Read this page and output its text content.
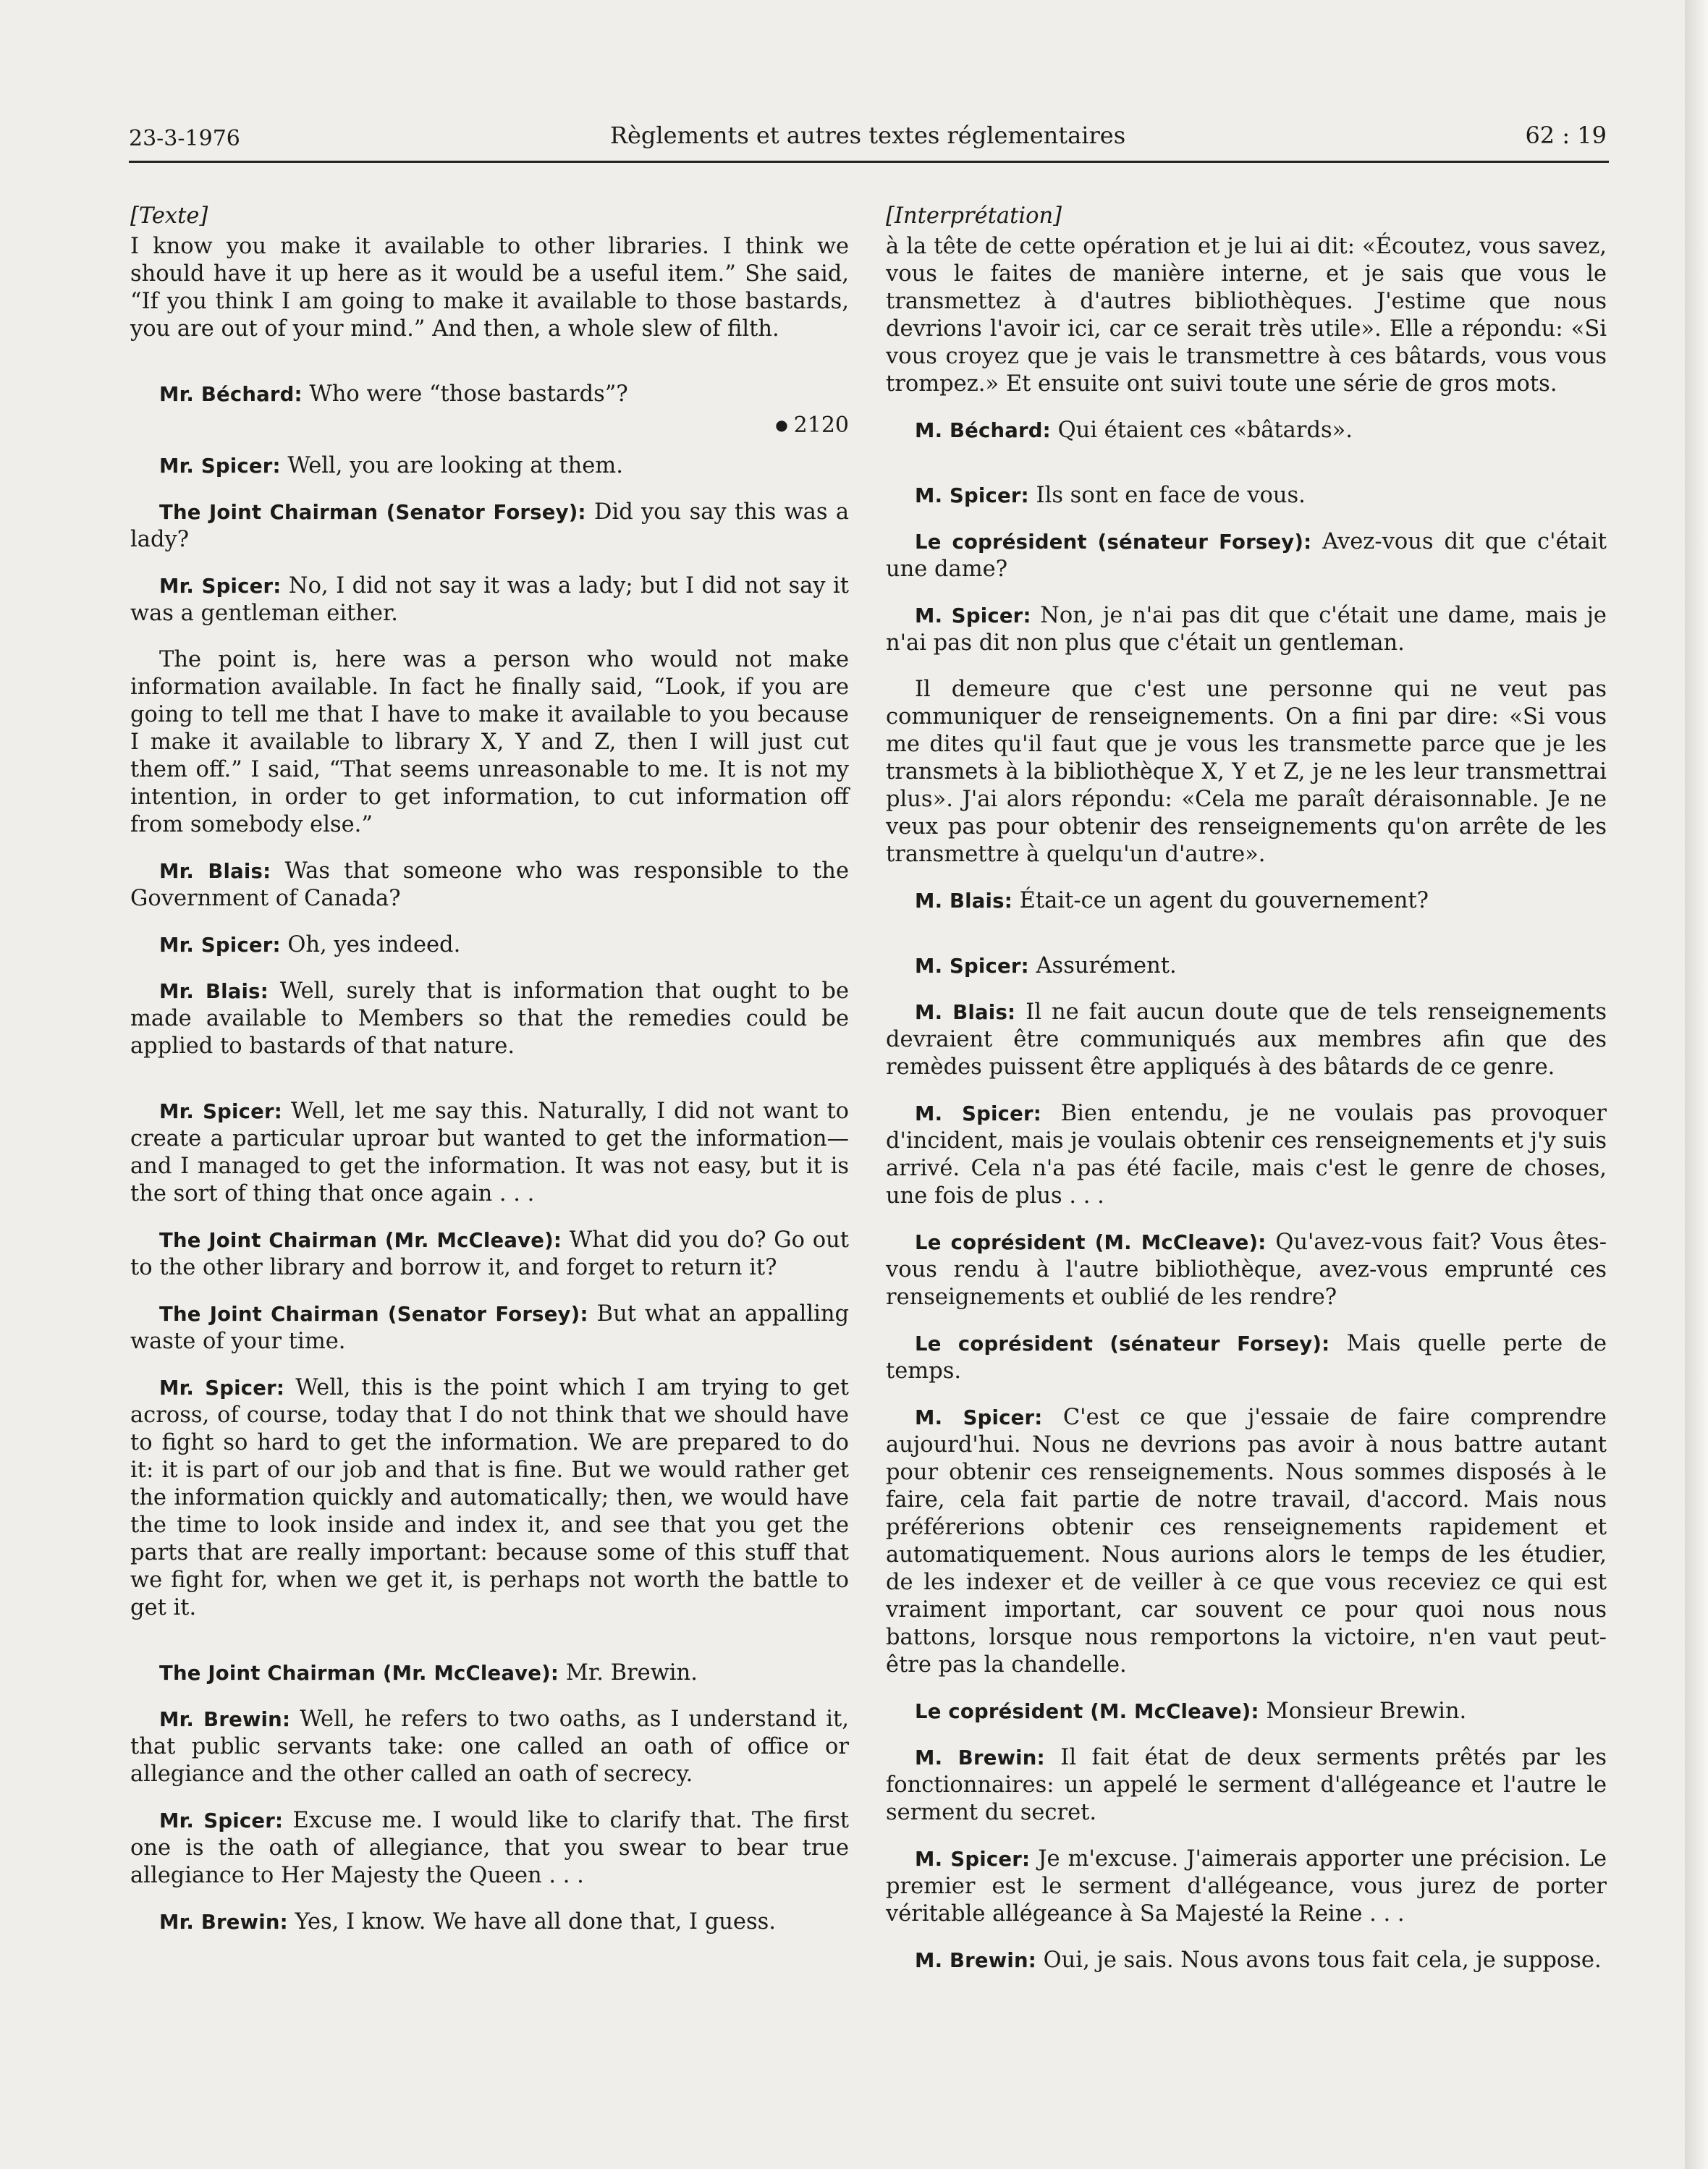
23-3-1976	Règlements et autres textes réglementaires	62 : 19
[Texte]

I know you make it available to other libraries. I think we should have it up here as it would be a useful item.” She said, “If you think I am going to make it available to those bastards, you are out of your mind.” And then, a whole slew of filth.

Mr. Béchard: Who were “those bastards”?

● 2120

Mr. Spicer: Well, you are looking at them.

The Joint Chairman (Senator Forsey): Did you say this was a lady?

Mr. Spicer: No, I did not say it was a lady; but I did not say it was a gentleman either.

The point is, here was a person who would not make information available. In fact he finally said, “Look, if you are going to tell me that I have to make it available to you because I make it available to library X, Y and Z, then I will just cut them off.” I said, “That seems unreasonable to me. It is not my intention, in order to get information, to cut information off from somebody else.”

Mr. Blais: Was that someone who was responsible to the Government of Canada?

Mr. Spicer: Oh, yes indeed.

Mr. Blais: Well, surely that is information that ought to be made available to Members so that the remedies could be applied to bastards of that nature.

Mr. Spicer: Well, let me say this. Naturally, I did not want to create a particular uproar but wanted to get the information—and I managed to get the information. It was not easy, but it is the sort of thing that once again . . .

The Joint Chairman (Mr. McCleave): What did you do? Go out to the other library and borrow it, and forget to return it?

The Joint Chairman (Senator Forsey): But what an appalling waste of your time.

Mr. Spicer: Well, this is the point which I am trying to get across, of course, today that I do not think that we should have to fight so hard to get the information. We are prepared to do it: it is part of our job and that is fine. But we would rather get the information quickly and automatically; then, we would have the time to look inside and index it, and see that you get the parts that are really important: because some of this stuff that we fight for, when we get it, is perhaps not worth the battle to get it.

The Joint Chairman (Mr. McCleave): Mr. Brewin.

Mr. Brewin: Well, he refers to two oaths, as I understand it, that public servants take: one called an oath of office or allegiance and the other called an oath of secrecy.

Mr. Spicer: Excuse me. I would like to clarify that. The first one is the oath of allegiance, that you swear to bear true allegiance to Her Majesty the Queen . . .

Mr. Brewin: Yes, I know. We have all done that, I guess.

[Interprétation]

à la tête de cette opération et je lui ai dit: «Écoutez, vous savez, vous le faites de manière interne, et je sais que vous le transmettez à d'autres bibliothèques. J'estime que nous devrions l'avoir ici, car ce serait très utile». Elle a répondu: «Si vous croyez que je vais le transmettre à ces bâtards, vous vous trompez.» Et ensuite ont suivi toute une série de gros mots.

M. Béchard: Qui étaient ces «bâtards».

M. Spicer: Ils sont en face de vous.

Le coprésident (sénateur Forsey): Avez-vous dit que c'était une dame?

M. Spicer: Non, je n'ai pas dit que c'était une dame, mais je n'ai pas dit non plus que c'était un gentleman.

Il demeure que c'est une personne qui ne veut pas communiquer de renseignements. On a fini par dire: «Si vous me dites qu'il faut que je vous les transmette parce que je les transmets à la bibliothèque X, Y et Z, je ne les leur transmettrai plus». J'ai alors répondu: «Cela me paraît déraisonnable. Je ne veux pas pour obtenir des renseignements qu'on arrête de les transmettre à quelqu'un d'autre».

M. Blais: Était-ce un agent du gouvernement?

M. Spicer: Assurément.

M. Blais: Il ne fait aucun doute que de tels renseignements devraient être communiqués aux membres afin que des remèdes puissent être appliqués à des bâtards de ce genre.

M. Spicer: Bien entendu, je ne voulais pas provoquer d'incident, mais je voulais obtenir ces renseignements et j'y suis arrivé. Cela n'a pas été facile, mais c'est le genre de choses, une fois de plus . . .

Le coprésident (M. McCleave): Qu'avez-vous fait? Vous êtes-vous rendu à l'autre bibliothèque, avez-vous emprunté ces renseignements et oublié de les rendre?

Le coprésident (sénateur Forsey): Mais quelle perte de temps.

M. Spicer: C'est ce que j'essaie de faire comprendre aujourd'hui. Nous ne devrions pas avoir à nous battre autant pour obtenir ces renseignements. Nous sommes disposés à le faire, cela fait partie de notre travail, d'accord. Mais nous préférerions obtenir ces renseignements rapidement et automatiquement. Nous aurions alors le temps de les étudier, de les indexer et de veiller à ce que vous receviez ce qui est vraiment important, car souvent ce pour quoi nous nous battons, lorsque nous remportons la victoire, n'en vaut peut-être pas la chandelle.

Le coprésident (M. McCleave): Monsieur Brewin.

M. Brewin: Il fait état de deux serments prêtés par les fonctionnaires: un appelé le serment d'allégeance et l'autre le serment du secret.

M. Spicer: Je m'excuse. J'aimerais apporter une précision. Le premier est le serment d'allégeance, vous jurez de porter véritable allégeance à Sa Majesté la Reine . . .

M. Brewin: Oui, je sais. Nous avons tous fait cela, je suppose.
